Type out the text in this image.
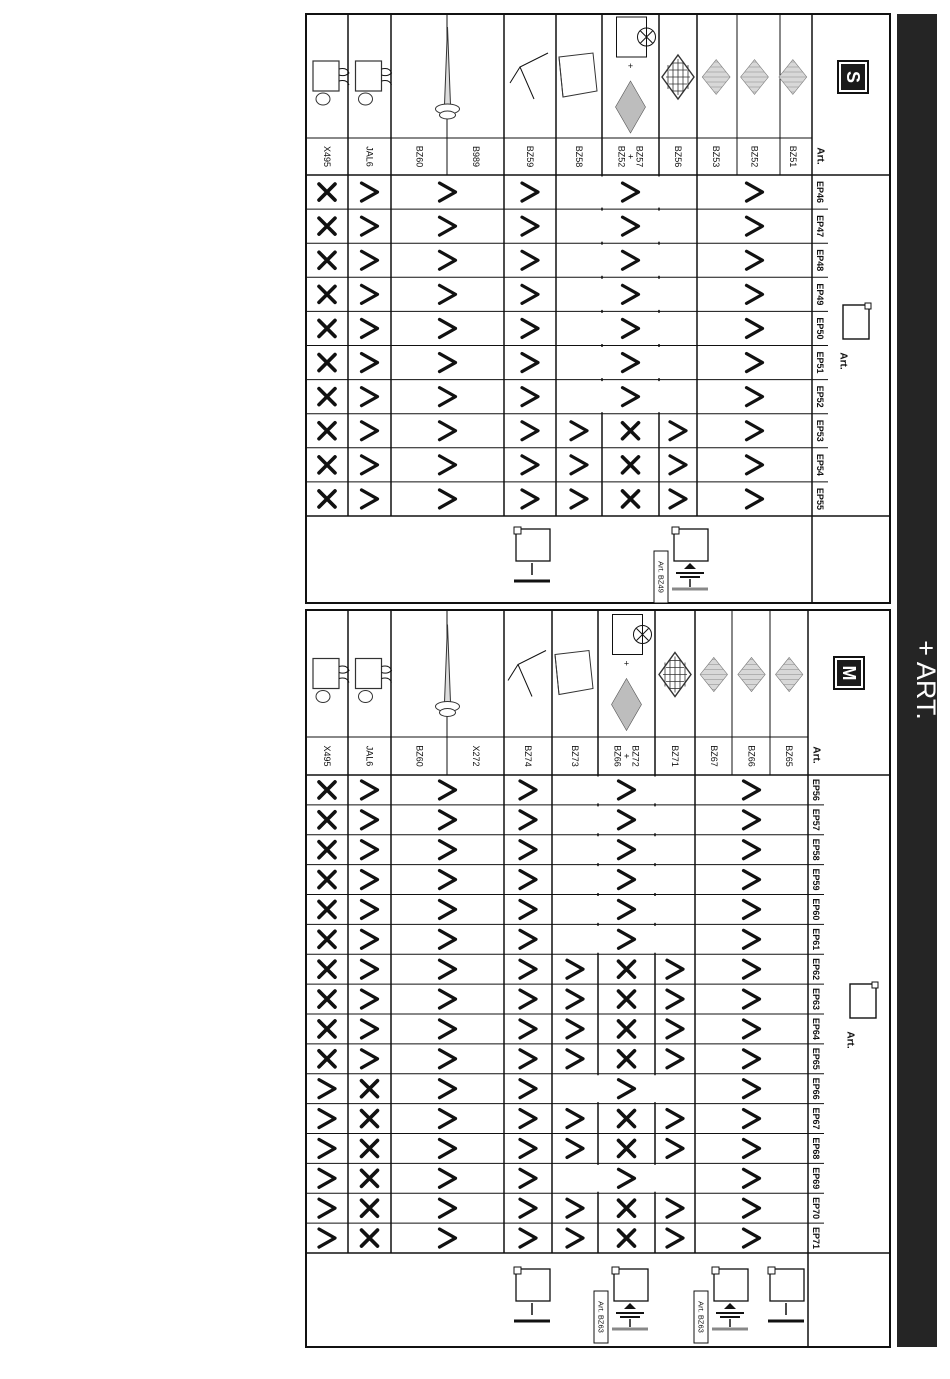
+ ART.
S
Art.
Art.
EP46
EP47
EP48
EP49
EP50
EP51
EP52
EP53
EP54
EP55
BZ51
BZ52
BZ53
BZ56
BZ57
+
BZ52
+
BZ58
BZ59
B989
BZ60
JAL6
X495
Art. BZ49
M
Art.
Art.
EP56
EP57
EP58
EP59
EP60
EP61
EP62
EP63
EP64
EP65
EP66
EP67
EP68
EP69
EP70
EP71
BZ65
BZ66
BZ67
BZ71
BZ72
+
BZ66
+
BZ73
BZ74
X272
BZ60
JAL6
X495
Art. BZ63	Art. BZ63
